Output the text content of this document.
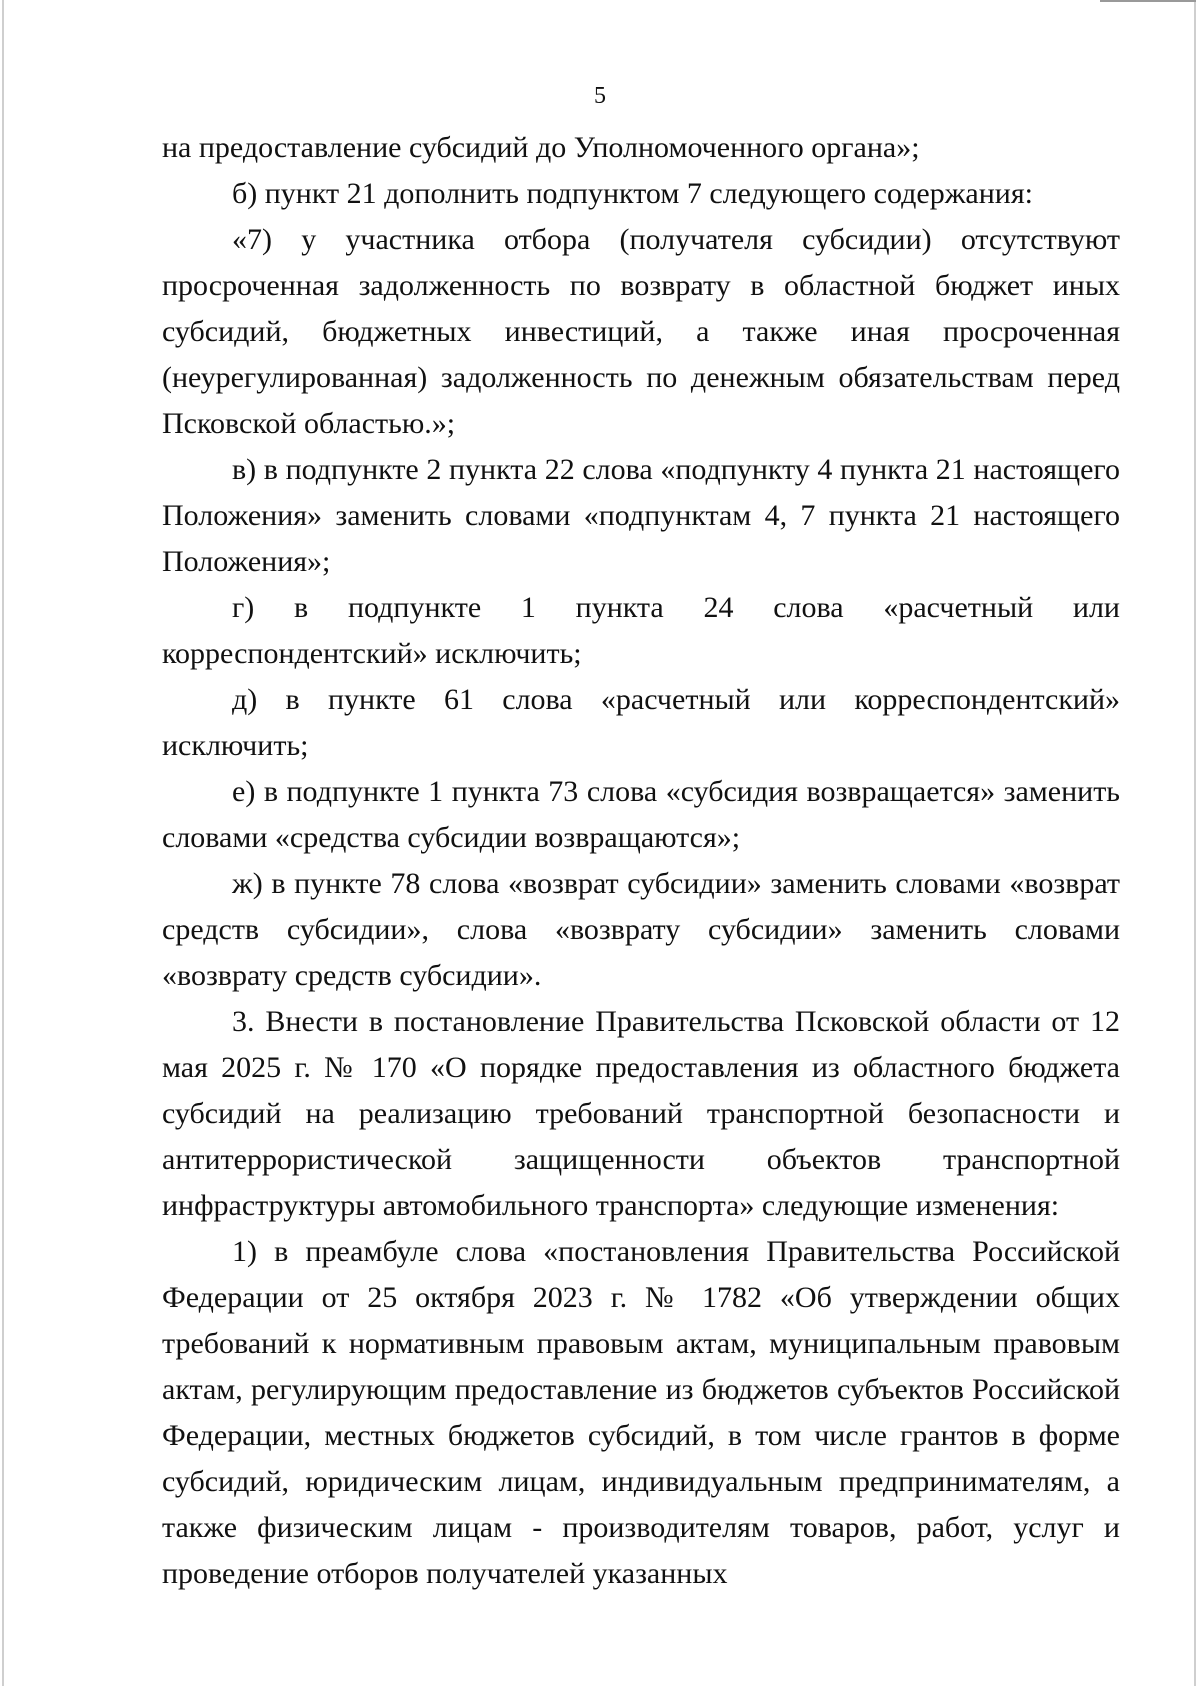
5

на предоставление субсидий до Уполномоченного органа»;

б) пункт 21 дополнить подпунктом 7 следующего содержания:

«7) у участника отбора (получателя субсидии) отсутствуют просроченная задолженность по возврату в областной бюджет иных субсидий, бюджетных инвестиций, а также иная просроченная (неурегулированная) задолженность по денежным обязательствам перед Псковской областью.»;

в) в подпункте 2 пункта 22 слова «подпункту 4 пункта 21 настоящего Положения» заменить словами «подпунктам 4, 7 пункта 21 настоящего Положения»;

г) в подпункте 1 пункта 24 слова «расчетный или корреспондентский» исключить;

д) в пункте 61 слова «расчетный или корреспондентский» исключить;

е) в подпункте 1 пункта 73 слова «субсидия возвращается» заменить словами «средства субсидии возвращаются»;

ж) в пункте 78 слова «возврат субсидии» заменить словами «возврат средств субсидии», слова «возврату субсидии» заменить словами «возврату средств субсидии».

3. Внести в постановление Правительства Псковской области от 12 мая 2025 г. № 170 «О порядке предоставления из областного бюджета субсидий на реализацию требований транспортной безопасности и антитеррористической защищенности объектов транспортной инфраструктуры автомобильного транспорта» следующие изменения:

1) в преамбуле слова «постановления Правительства Российской Федерации от 25 октября 2023 г. № 1782 «Об утверждении общих требований к нормативным правовым актам, муниципальным правовым актам, регулирующим предоставление из бюджетов субъектов Российской Федерации, местных бюджетов субсидий, в том числе грантов в форме субсидий, юридическим лицам, индивидуальным предпринимателям, а также физическим лицам - производителям товаров, работ, услуг и проведение отборов получателей указанных
